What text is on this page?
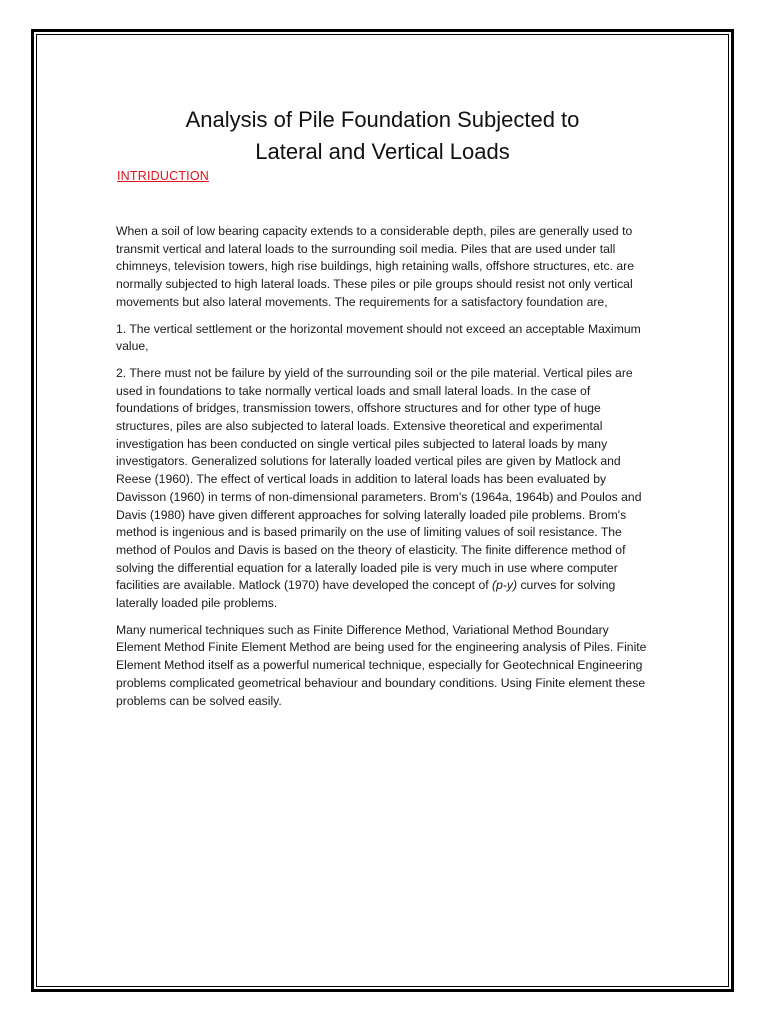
Analysis of Pile Foundation Subjected to
Lateral and Vertical Loads
INTRIDUCTION

When a soil of low bearing capacity extends to a considerable depth, piles are generally used to transmit vertical and lateral loads to the surrounding soil media. Piles that are used under tall chimneys, television towers, high rise buildings, high retaining walls, offshore structures, etc. are normally subjected to high lateral loads. These piles or pile groups should resist not only vertical movements but also lateral movements. The requirements for a satisfactory foundation are,

1. The vertical settlement or the horizontal movement should not exceed an acceptable Maximum value,

2. There must not be failure by yield of the surrounding soil or the pile material. Vertical piles are used in foundations to take normally vertical loads and small lateral loads. In the case of foundations of bridges, transmission towers, offshore structures and for other type of huge structures, piles are also subjected to lateral loads. Extensive theoretical and experimental investigation has been conducted on single vertical piles subjected to lateral loads by many investigators. Generalized solutions for laterally loaded vertical piles are given by Matlock and Reese (1960). The effect of vertical loads in addition to lateral loads has been evaluated by Davisson (1960) in terms of non-dimensional parameters. Brom’s (1964a, 1964b) and Poulos and Davis (1980) have given different approaches for solving laterally loaded pile problems. Brom's method is ingenious and is based primarily on the use of limiting values of soil resistance. The method of Poulos and Davis is based on the theory of elasticity. The finite difference method of solving the differential equation for a laterally loaded pile is very much in use where computer facilities are available. Matlock (1970) have developed the concept of (p-y) curves for solving laterally loaded pile problems.

Many numerical techniques such as Finite Difference Method, Variational Method Boundary Element Method Finite Element Method are being used for the engineering analysis of Piles. Finite Element Method itself as a powerful numerical technique, especially for Geotechnical Engineering problems complicated geometrical behaviour and boundary conditions. Using Finite element these problems can be solved easily.
